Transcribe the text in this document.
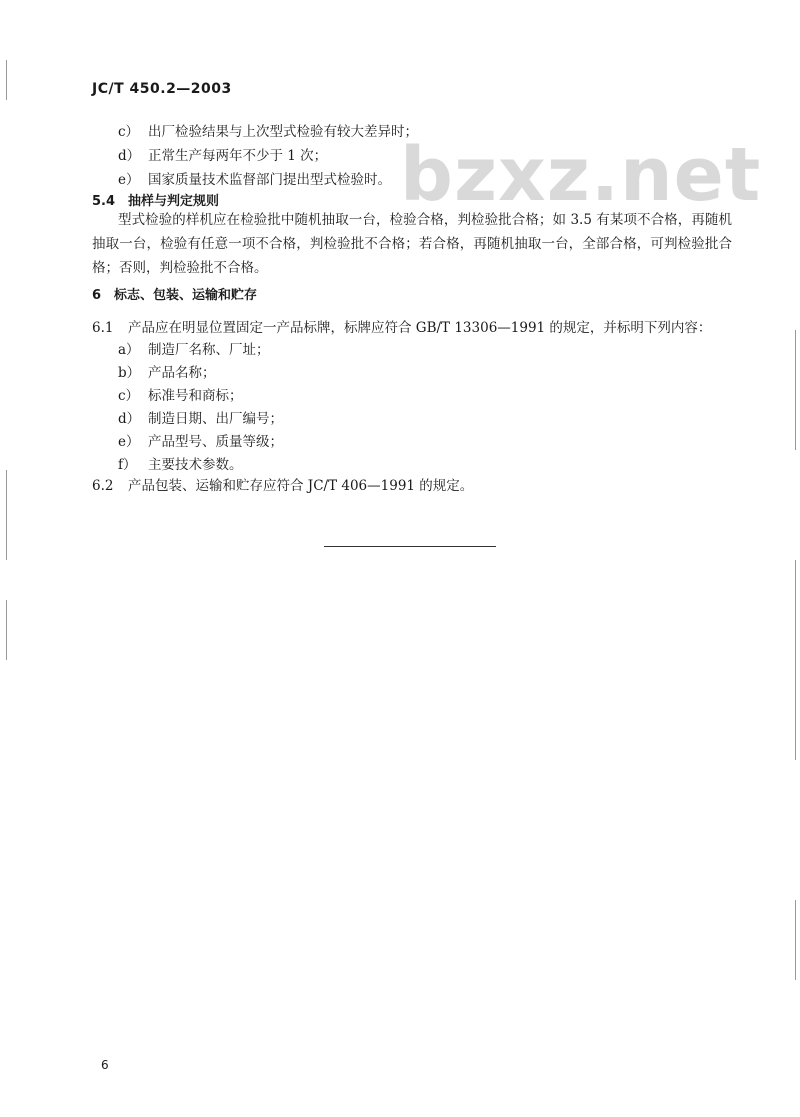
JC/T 450.2—2003
bzxz.net
c） 出厂检验结果与上次型式检验有较大差异时；
d） 正常生产每两年不少于 1 次；
e） 国家质量技术监督部门提出型式检验时。
5.4 抽样与判定规则
型式检验的样机应在检验批中随机抽取一台，检验合格，判检验批合格；如 3.5 有某项不合格，再随机抽取一台，检验有任意一项不合格，判检验批不合格；若合格，再随机抽取一台，全部合格，可判检验批合格；否则，判检验批不合格。
6 标志、包装、运输和贮存
6.1 产品应在明显位置固定一产品标牌，标牌应符合 GB/T 13306—1991 的规定，并标明下列内容：
a） 制造厂名称、厂址；
b） 产品名称；
c） 标准号和商标；
d） 制造日期、出厂编号；
e） 产品型号、质量等级；
f） 主要技术参数。
6.2 产品包装、运输和贮存应符合 JC/T 406—1991 的规定。
6
